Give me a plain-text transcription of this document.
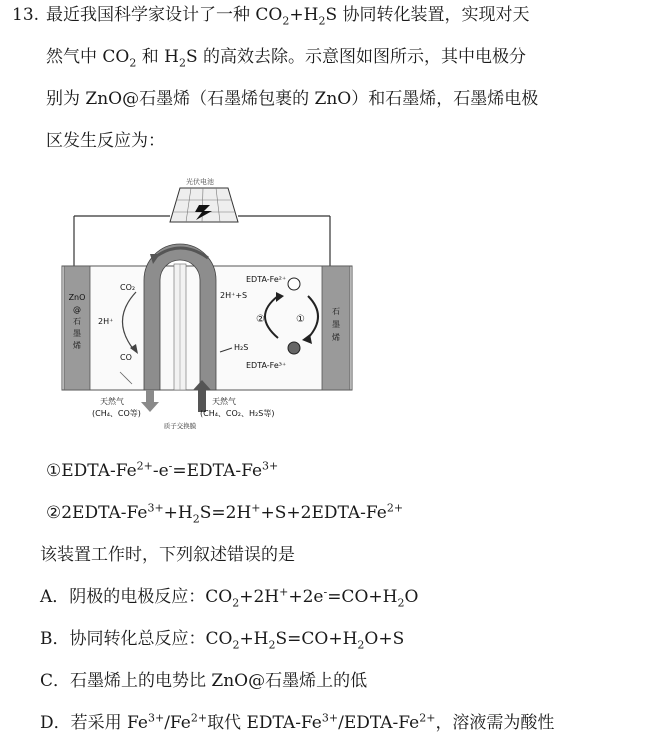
13. 最近我国科学家设计了一种 $CO_2+H_2S$ 协同转化装置，实现对天
然气中 $CO_2$ 和 $H_2S$ 的高效去除。示意图如图所示，其中电极分
别为 ZnO@石墨烯（石墨烯包裹的 ZnO）和石墨烯，石墨烯电极
区发生反应为：
光伏电池
ZnO
@
石
墨
烯
石
墨
烯
CO₂
2H⁺
CO
EDTA-Fe²⁺
2H⁺+S
②	①
H₂S
EDTA-Fe³⁺
天然气
(CH₄、CO等)
天然气
(CH₄、CO₂、H₂S等)
质子交换膜
①EDTA-$Fe^{2+}-e^-=EDTA-Fe^{3+}$
$②2EDTA-Fe^{3+}+H_2S=2H^++S+2EDTA-Fe^{2+}$
该装置工作时，下列叙述错误的是
A．阴极的电极反应：$CO_2+2H^++2e^-=CO+H_2O$
B．协同转化总反应：$CO_2+H_2S=CO+H_2O+S$
C．石墨烯上的电势比 ZnO@石墨烯上的低
D．若采用 $Fe^{3+}/Fe^{2+}$取代 EDTA-$Fe^{3+}/EDTA-Fe^{2+}$，溶液需为酸性
